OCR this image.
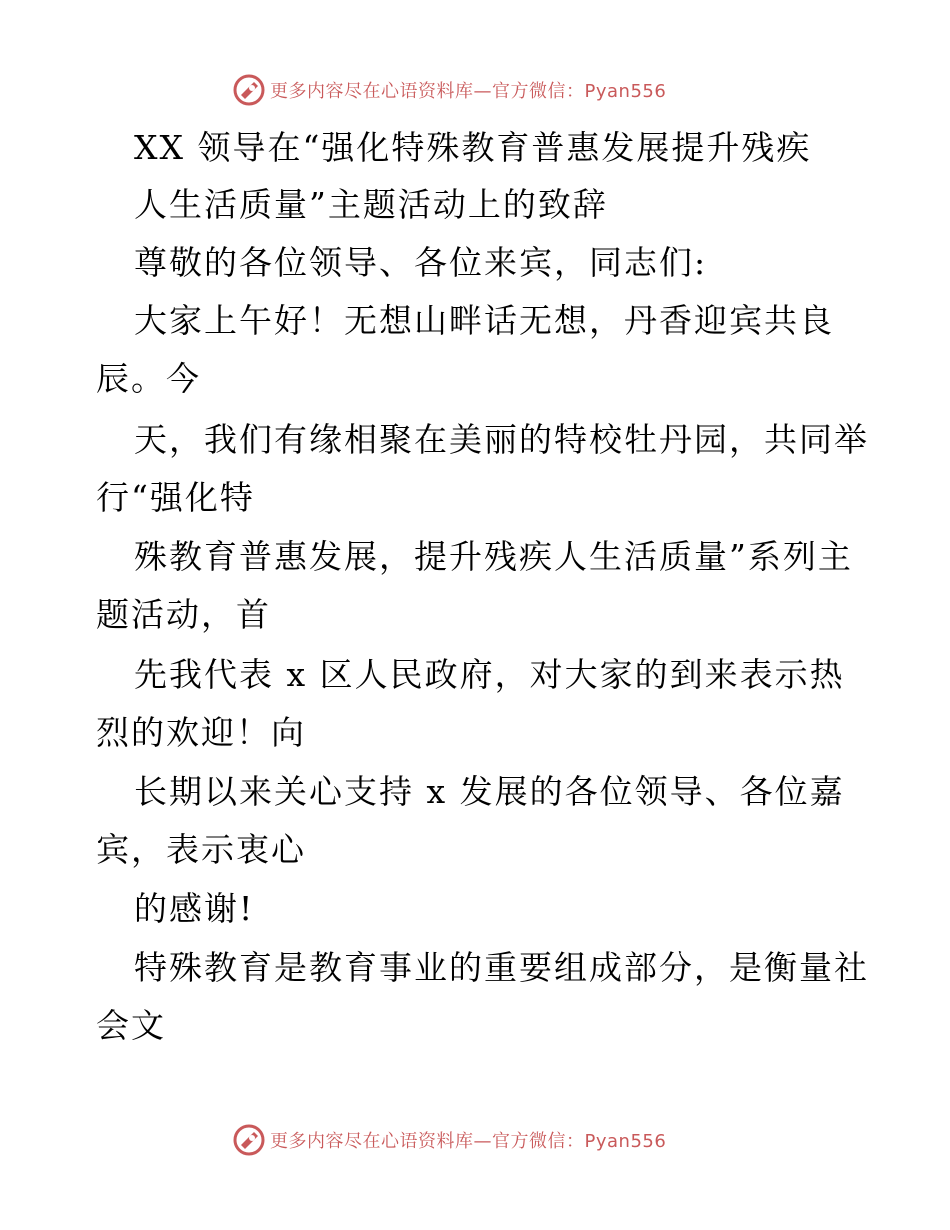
更多内容尽在心语资料库—官方微信：Pyan556
XX 领导在“强化特殊教育普惠发展提升残疾
人生活质量”主题活动上的致辞
尊敬的各位领导、各位来宾，同志们:
大家上午好！无想山畔话无想，丹香迎宾共良
辰。今
天，我们有缘相聚在美丽的特校牡丹园，共同举
行“强化特
殊教育普惠发展，提升残疾人生活质量”系列主
题活动，首
先我代表 x 区人民政府，对大家的到来表示热
烈的欢迎！向
长期以来关心支持 x 发展的各位领导、各位嘉
宾，表示衷心
的感谢!
特殊教育是教育事业的重要组成部分，是衡量社
会文
更多内容尽在心语资料库—官方微信：Pyan556
